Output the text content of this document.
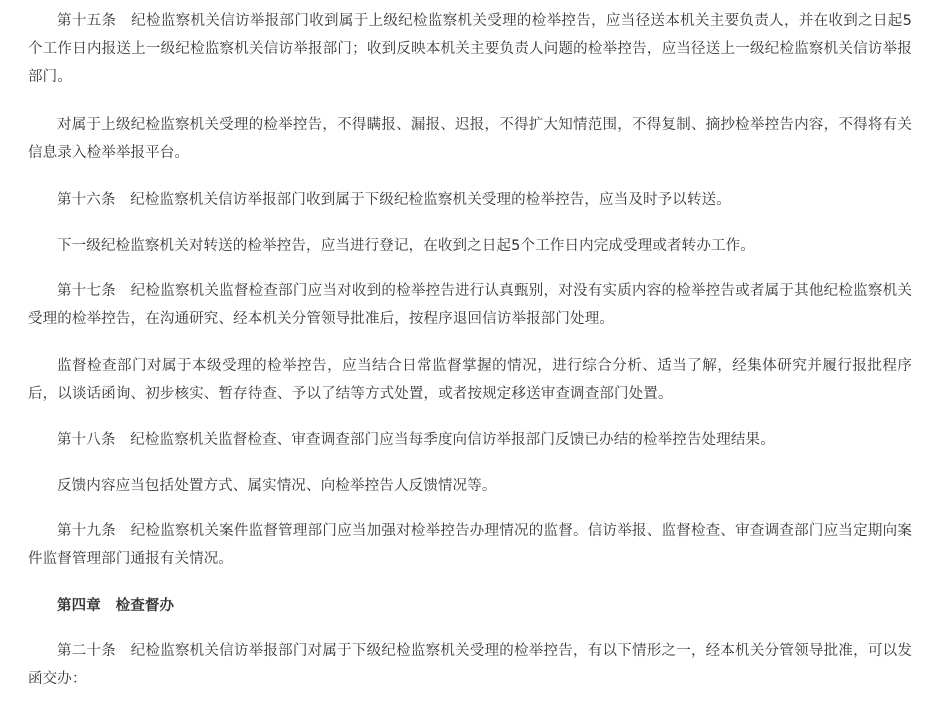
第十五条　纪检监察机关信访举报部门收到属于上级纪检监察机关受理的检举控告，应当径送本机关主要负责人，并在收到之日起5个工作日内报送上一级纪检监察机关信访举报部门；收到反映本机关主要负责人问题的检举控告，应当径送上一级纪检监察机关信访举报部门。

对属于上级纪检监察机关受理的检举控告，不得瞒报、漏报、迟报，不得扩大知情范围，不得复制、摘抄检举控告内容，不得将有关信息录入检举举报平台。

第十六条　纪检监察机关信访举报部门收到属于下级纪检监察机关受理的检举控告，应当及时予以转送。

下一级纪检监察机关对转送的检举控告，应当进行登记，在收到之日起5个工作日内完成受理或者转办工作。

第十七条　纪检监察机关监督检查部门应当对收到的检举控告进行认真甄别，对没有实质内容的检举控告或者属于其他纪检监察机关受理的检举控告，在沟通研究、经本机关分管领导批准后，按程序退回信访举报部门处理。

监督检查部门对属于本级受理的检举控告，应当结合日常监督掌握的情况，进行综合分析、适当了解，经集体研究并履行报批程序后，以谈话函询、初步核实、暂存待查、予以了结等方式处置，或者按规定移送审查调查部门处置。

第十八条　纪检监察机关监督检查、审查调查部门应当每季度向信访举报部门反馈已办结的检举控告处理结果。

反馈内容应当包括处置方式、属实情况、向检举控告人反馈情况等。

第十九条　纪检监察机关案件监督管理部门应当加强对检举控告办理情况的监督。信访举报、监督检查、审查调查部门应当定期向案件监督管理部门通报有关情况。

第四章　检查督办

第二十条　纪检监察机关信访举报部门对属于下级纪检监察机关受理的检举控告，有以下情形之一，经本机关分管领导批准，可以发函交办：
